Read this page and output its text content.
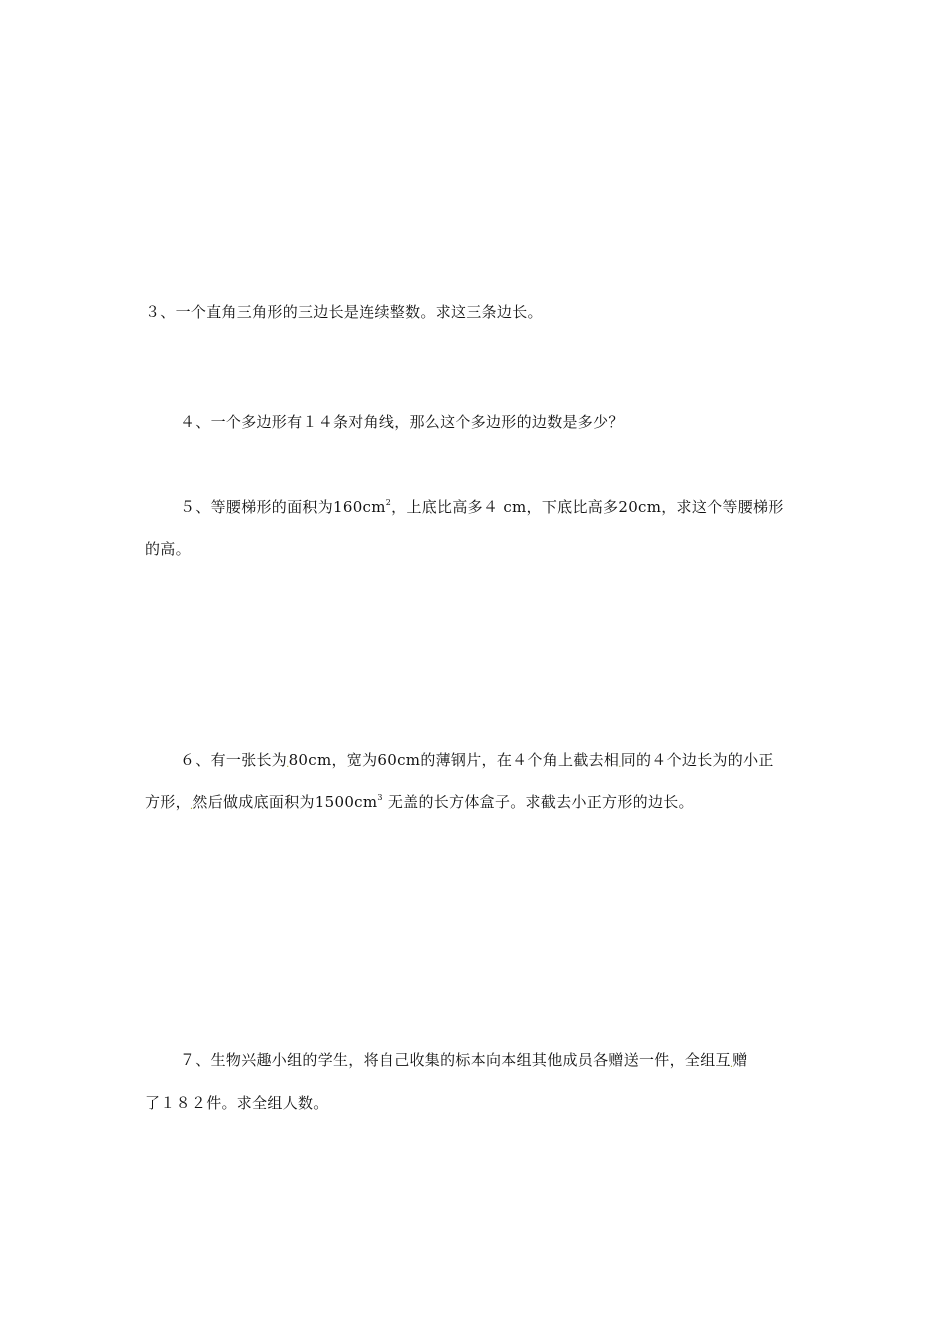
３、一个直角三角形的三边长是连续整数。求这三条边长。
４、一个多边形有１４条对角线，那么这个多边形的边数是多少？
５、等腰梯形的面积为$160cm^2$，上底比高多４ cm，下底比高多20cm，求这个等腰梯形
的高。
６、有一张长为.80cm，宽为60cm的薄钢片，在４个角上截去相.同的４个边长为的小正
方形，.然后做成底面积为$1500cm^3$ 无盖的长方体盒子。求截去小正方形的边长。
７、生物兴趣小组的学生，将自己收集的标本向本组其他成员各赠送一件，全组互.赠
了１８２件。求全组人数。
